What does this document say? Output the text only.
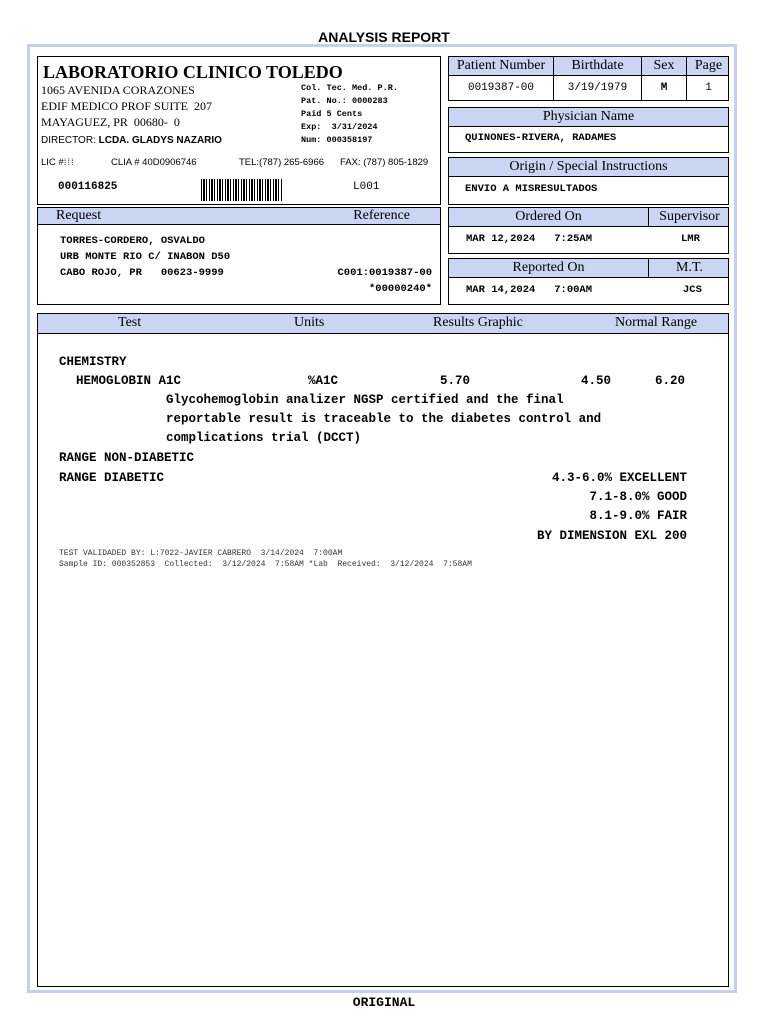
ANALYSIS REPORT
LABORATORIO CLINICO TOLEDO
1065 AVENIDA CORAZONES
EDIF MEDICO PROF SUITE  207
MAYAGUEZ, PR  00680-  0
DIRECTOR: LCDA. GLADYS NAZARIO
Col. Tec. Med. P.R.
Pat. No.: 0000283
Paid 5 Cents
Exp:  3/31/2024
Num: 000358197
LIC #⁞⁞⁞	CLIA # 40D0906746	TEL:(787) 265-6966 FAX: (787) 805-1829
000116825	L001
Patient Number	Birthdate	Sex	Page
0019387-00	3/19/1979	M	1
Physician Name
QUINONES-RIVERA, RADAMES
Origin / Special Instructions
ENVIO A MISRESULTADOS
Request	Reference
TORRES-CORDERO, OSVALDO
URB MONTE RIO C/ INABON D50
CABO ROJO, PR   00623-9999	C001:0019387-00
*00000240*
Ordered On	Supervisor
MAR 12,2024   7:25AM	LMR
Reported On	M.T.
MAR 14,2024   7:00AM	JCS
Test	Units	Results Graphic	Normal Range
CHEMISTRY
HEMOGLOBIN A1C	%A1C	5.70	4.50	6.20
Glycohemoglobin analizer NGSP certified and the final
reportable result is traceable to the diabetes control and
complications trial (DCCT)
RANGE NON-DIABETIC
RANGE DIABETIC	4.3-6.0% EXCELLENT
7.1-8.0% GOOD
8.1-9.0% FAIR
BY DIMENSION EXL 200
TEST VALIDADED BY: L:7022-JAVIER CABRERO  3/14/2024  7:00AM
Sample ID: 000352853  Collected:  3/12/2024  7:58AM *Lab  Received:  3/12/2024  7:58AM
ORIGINAL
